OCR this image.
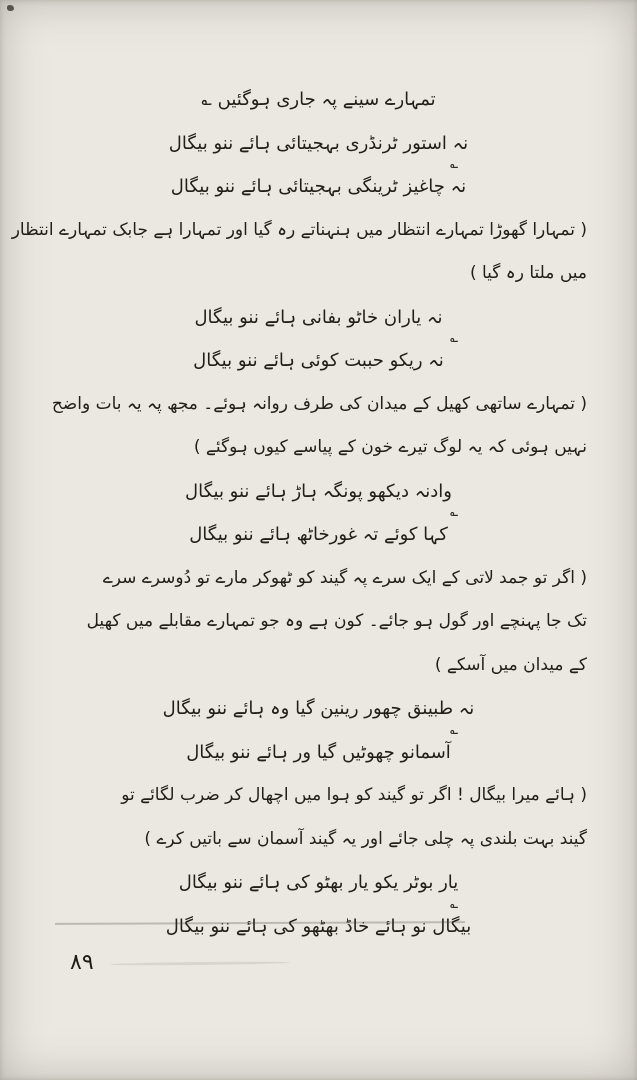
تمہارے سینے پہ جاری ہوگئیں ؎
نہ استور ٹرنڈری بہجیتائی ہائے ننو بیگال
؎
نہ چاغیز ٹرینگی بہجیتائی ہائے ننو بیگال
( تمہارا گھوڑا تمہارے انتظار میں ہنہناتے رہ گیا اور تمہارا ہے جابک تمہارے انتظار
میں ملتا رہ گیا )
نہ یاران خاٹو بفانی ہائے ننو بیگال
؎
نہ ریکو حببت کوئی ہائے ننو بیگال
( تمہارے ساتھی کھیل کے میدان کی طرف روانہ ہوئے۔ مجھ پہ یہ بات واضح
نہیں ہوئی کہ یہ لوگ تیرے خون کے پیاسے کیوں ہوگئے )
وادنہ دیکھو پونگہ ہاڑ ہائے ننو بیگال
؎
کہا کوئے تہ غورخاٹھ ہائے ننو بیگال
( اگر تو جمد لاتی کے ایک سرے پہ گیند کو ٹھوکر مارے تو دُوسرے سرے
تک جا پہنچے اور گول ہو جائے۔ کون ہے وہ جو تمہارے مقابلے میں کھیل
کے میدان میں آسکے )
نہ طبینق چھور رینین گیا وہ ہائے ننو بیگال
؎
آسمانو چھوٹیں گیا ور ہائے ننو بیگال
( ہائے میرا بیگال ! اگر تو گیند کو ہوا میں اچھال کر ضرب لگائے تو
گیند بہت بلندی پہ چلی جائے اور یہ گیند آسمان سے باتیں کرے )
یار بوٹر یکو یار بھٹو کی ہائے ننو بیگال
؎
بیگال نو ہائے خاڈ بھٹھو کی ہائے ننو بیگال
٨٩
